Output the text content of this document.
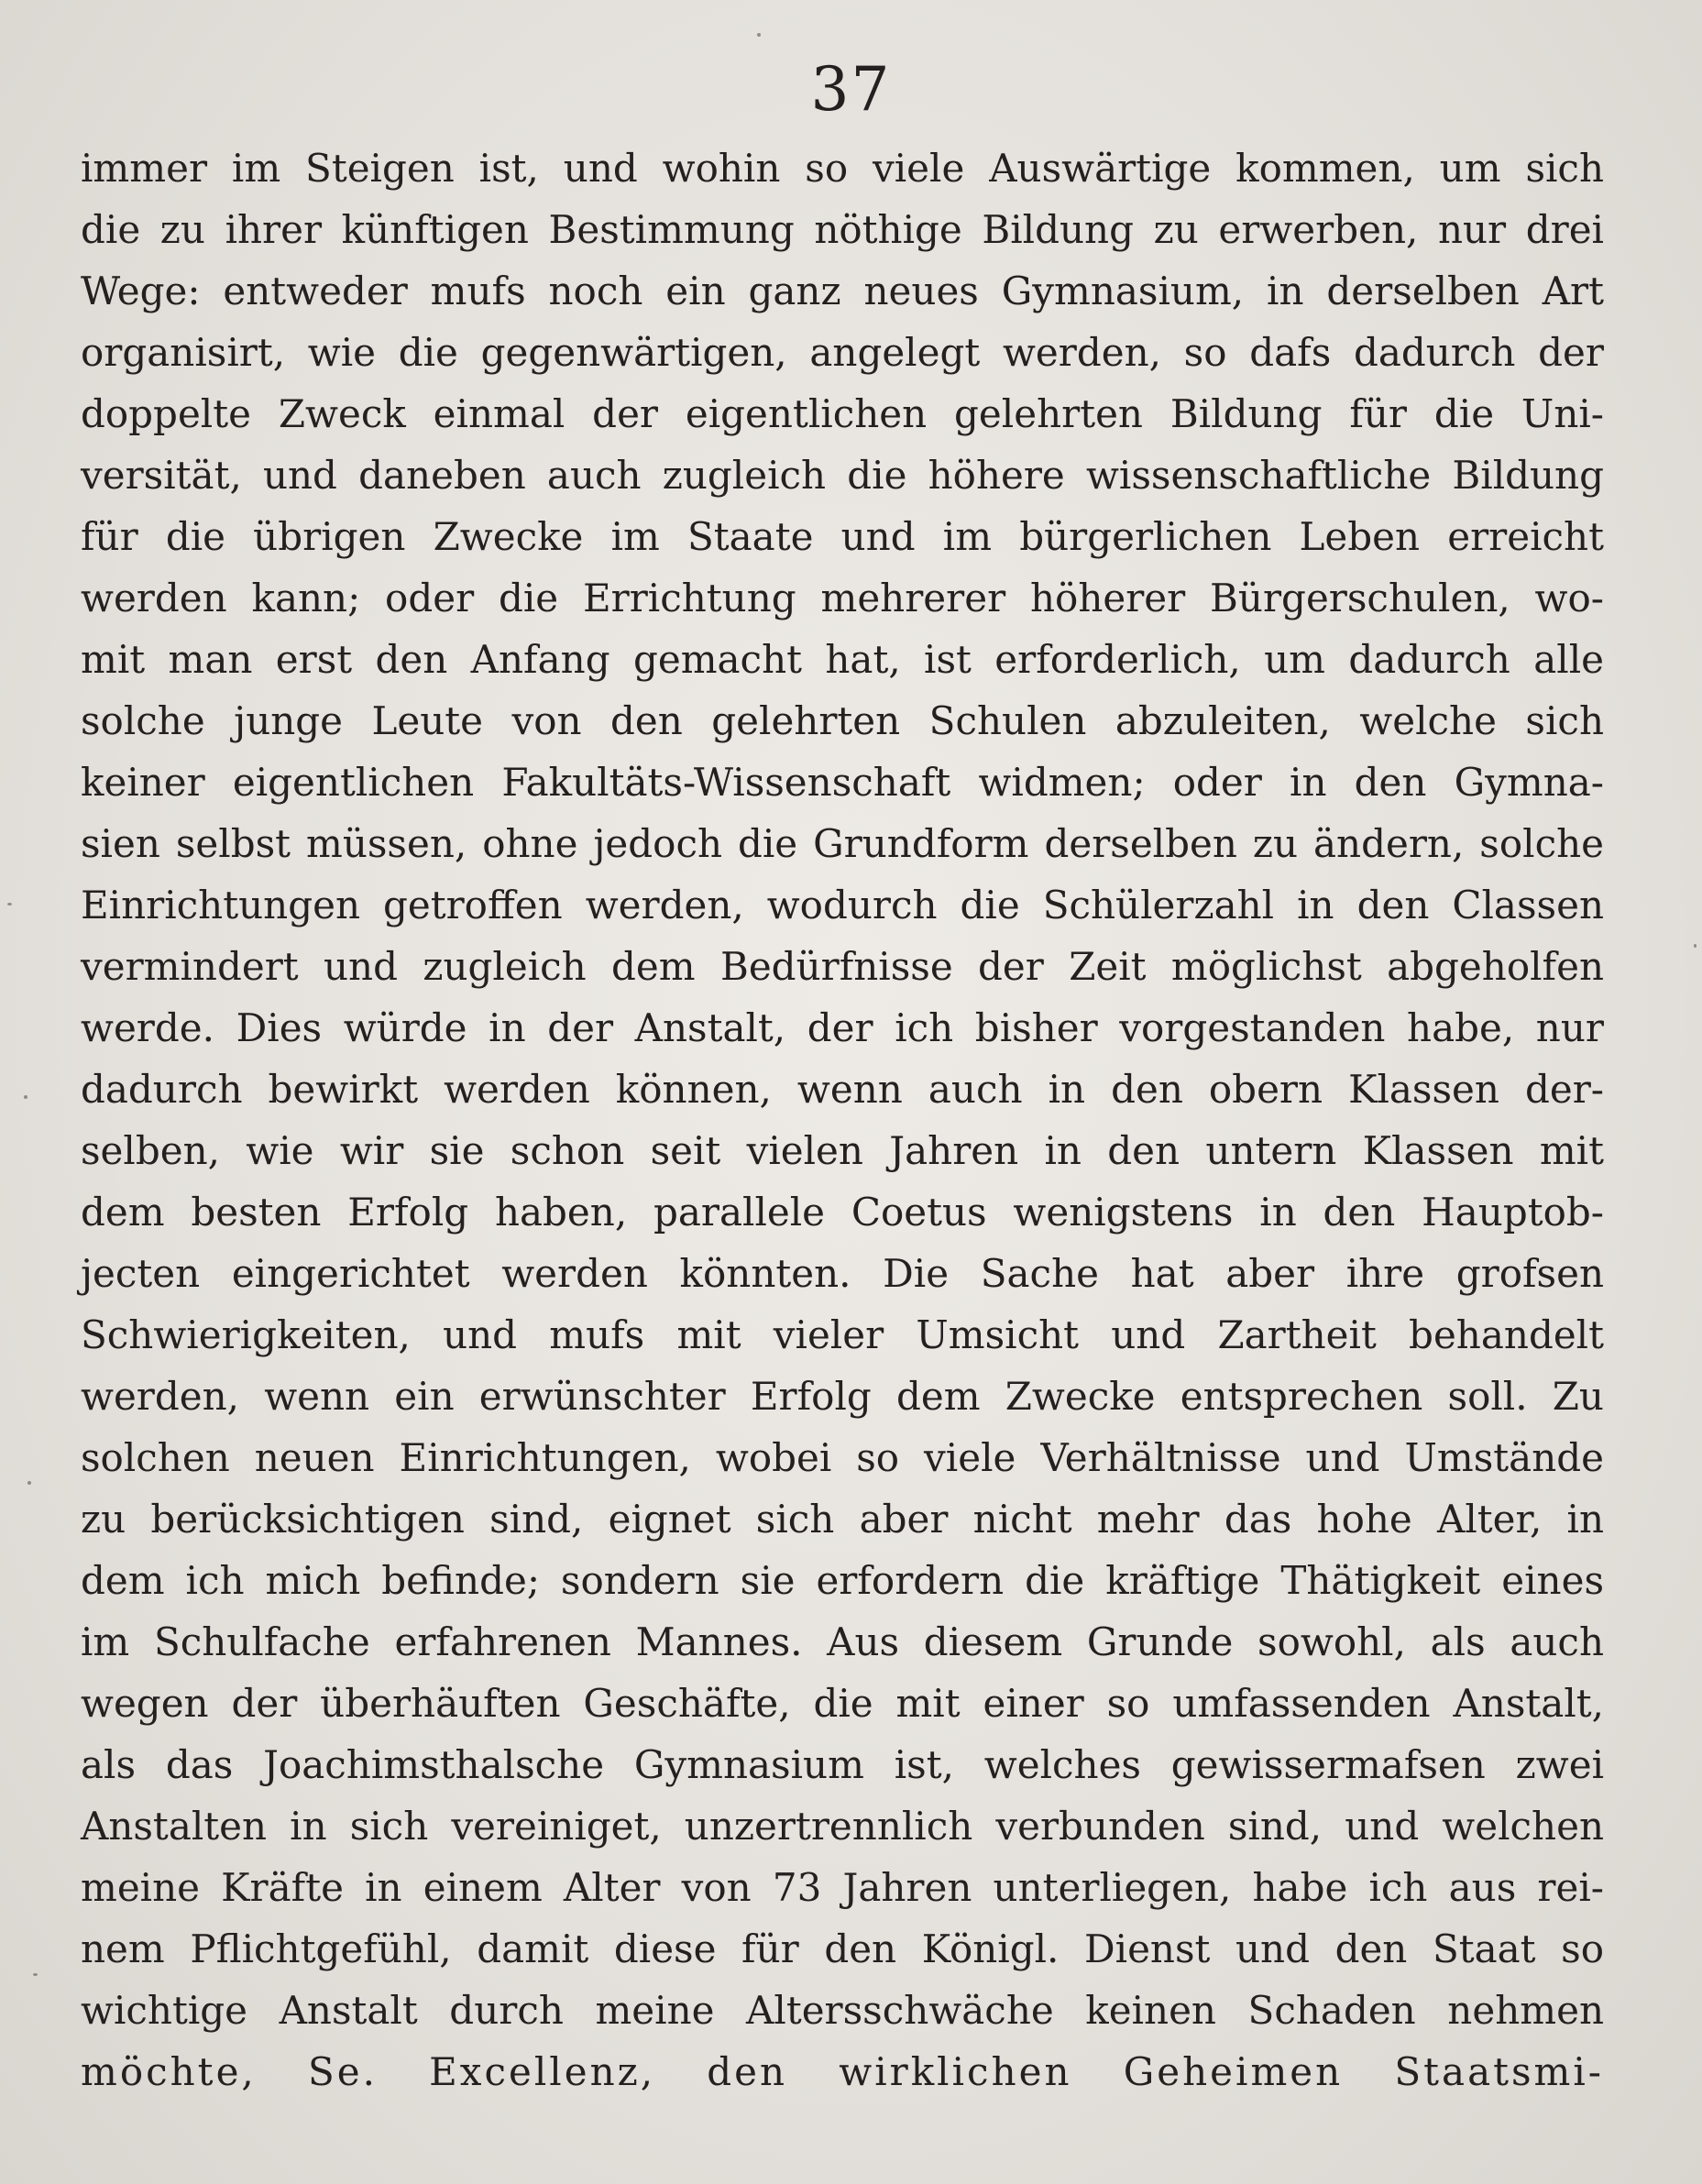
37
immer im Steigen ist, und wohin so viele Auswärtige kommen, um sich
die zu ihrer künftigen Bestimmung nöthige Bildung zu erwerben, nur drei
Wege: entweder mufs noch ein ganz neues Gymnasium, in derselben Art
organisirt, wie die gegenwärtigen, angelegt werden, so dafs dadurch der
doppelte Zweck einmal der eigentlichen gelehrten Bildung für die Uni-
versität, und daneben auch zugleich die höhere wissenschaftliche Bildung
für die übrigen Zwecke im Staate und im bürgerlichen Leben erreicht
werden kann; oder die Errichtung mehrerer höherer Bürgerschulen, wo-
mit man erst den Anfang gemacht hat, ist erforderlich, um dadurch alle
solche junge Leute von den gelehrten Schulen abzuleiten, welche sich
keiner eigentlichen Fakultäts-Wissenschaft widmen; oder in den Gymna-
sien selbst müssen, ohne jedoch die Grundform derselben zu ändern, solche
Einrichtungen getroffen werden, wodurch die Schülerzahl in den Classen
vermindert und zugleich dem Bedürfnisse der Zeit möglichst abgeholfen
werde. Dies würde in der Anstalt, der ich bisher vorgestanden habe, nur
dadurch bewirkt werden können, wenn auch in den obern Klassen der-
selben, wie wir sie schon seit vielen Jahren in den untern Klassen mit
dem besten Erfolg haben, parallele Coetus wenigstens in den Hauptob-
jecten eingerichtet werden könnten. Die Sache hat aber ihre grofsen
Schwierigkeiten, und mufs mit vieler Umsicht und Zartheit behandelt
werden, wenn ein erwünschter Erfolg dem Zwecke entsprechen soll. Zu
solchen neuen Einrichtungen, wobei so viele Verhältnisse und Umstände
zu berücksichtigen sind, eignet sich aber nicht mehr das hohe Alter, in
dem ich mich befinde; sondern sie erfordern die kräftige Thätigkeit eines
im Schulfache erfahrenen Mannes. Aus diesem Grunde sowohl, als auch
wegen der überhäuften Geschäfte, die mit einer so umfassenden Anstalt,
als das Joachimsthalsche Gymnasium ist, welches gewissermafsen zwei
Anstalten in sich vereiniget, unzertrennlich verbunden sind, und welchen
meine Kräfte in einem Alter von 73 Jahren unterliegen, habe ich aus rei-
nem Pflichtgefühl, damit diese für den Königl. Dienst und den Staat so
wichtige Anstalt durch meine Altersschwäche keinen Schaden nehmen
möchte, Se. Excellenz, den wirklichen Geheimen Staatsmi-
